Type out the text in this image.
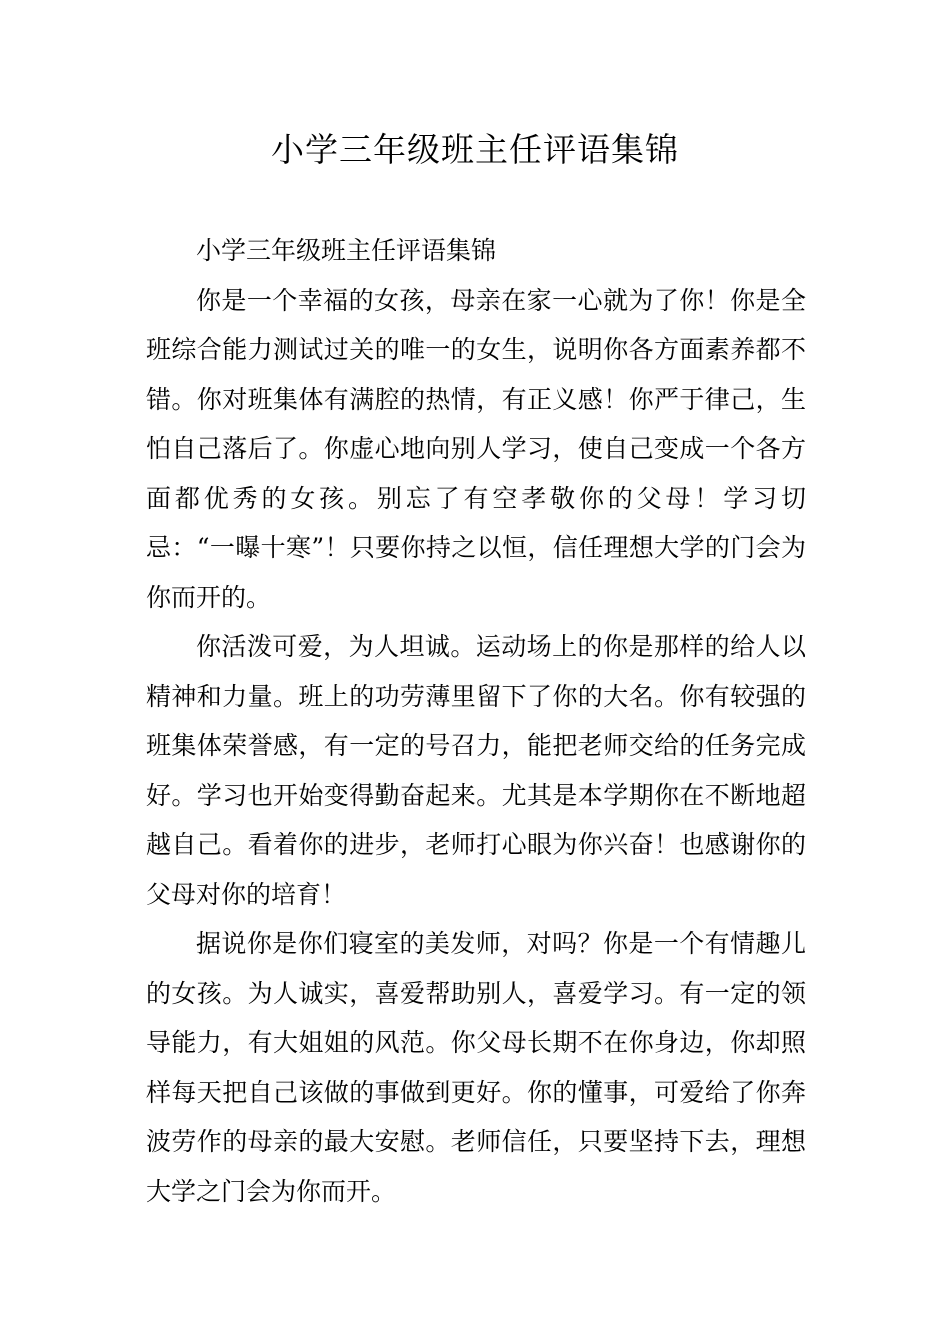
小学三年级班主任评语集锦

小学三年级班主任评语集锦

你是一个幸福的女孩，母亲在家一心就为了你！你是全班综合能力测试过关的唯一的女生，说明你各方面素养都不错。你对班集体有满腔的热情，有正义感！你严于律己，生怕自己落后了。你虚心地向别人学习，使自己变成一个各方面都优秀的女孩。别忘了有空孝敬你的父母！学习切忌：“一曝十寒”！只要你持之以恒，信任理想大学的门会为你而开的。

你活泼可爱，为人坦诚。运动场上的你是那样的给人以精神和力量。班上的功劳薄里留下了你的大名。你有较强的班集体荣誉感，有一定的号召力，能把老师交给的任务完成好。学习也开始变得勤奋起来。尤其是本学期你在不断地超越自己。看着你的进步，老师打心眼为你兴奋！也感谢你的父母对你的培育！

据说你是你们寝室的美发师，对吗？你是一个有情趣儿的女孩。为人诚实，喜爱帮助别人，喜爱学习。有一定的领导能力，有大姐姐的风范。你父母长期不在你身边，你却照样每天把自己该做的事做到更好。你的懂事，可爱给了你奔波劳作的母亲的最大安慰。老师信任，只要坚持下去，理想大学之门会为你而开。
